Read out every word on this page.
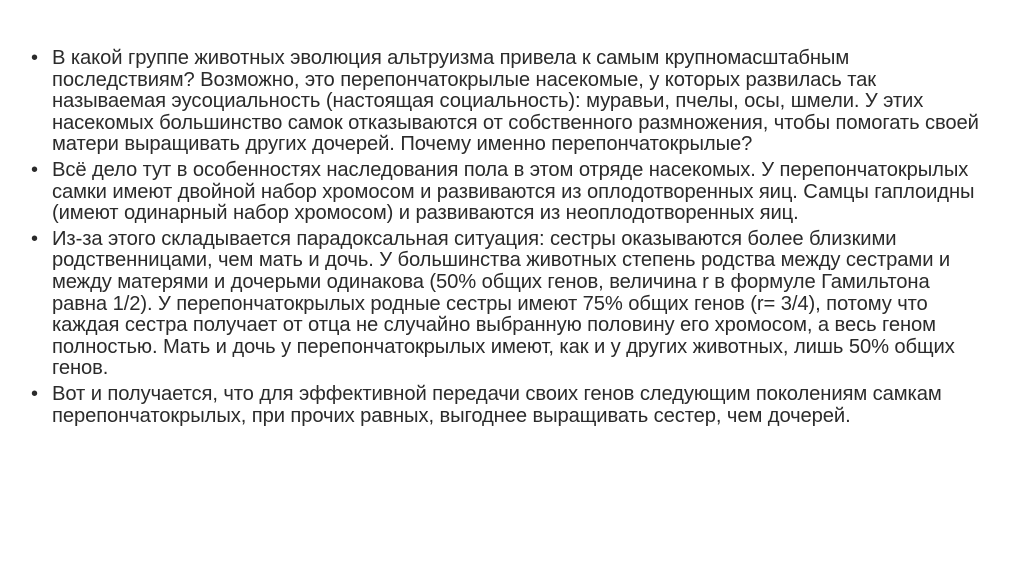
• В какой группе животных эволюция альтруизма привела к самым крупномасштабным последствиям? Возможно, это перепончатокрылые насекомые, у которых развилась так называемая эусоциальность (настоящая социальность): муравьи, пчелы, осы, шмели. У этих насекомых большинство самок отказываются от собственного размножения, чтобы помогать своей матери выращивать других дочерей. Почему именно перепончатокрылые?
• Всё дело тут в особенностях наследования пола в этом отряде насекомых. У перепончатокрылых самки имеют двойной набор хромосом и развиваются из оплодотворенных яиц. Самцы гаплоидны (имеют одинарный набор хромосом) и развиваются из неоплодотворенных яиц.
• Из-за этого складывается парадоксальная ситуация: сестры оказываются более близкими родственницами, чем мать и дочь. У большинства животных степень родства между сестрами и между матерями и дочерьми одинакова (50% общих генов, величина r в формуле Гамильтона равна 1/2). У перепончатокрылых родные сестры имеют 75% общих генов (r= 3/4), потому что каждая сестра получает от отца не случайно выбранную половину его хромосом, а весь геном полностью. Мать и дочь у перепончатокрылых имеют, как и у других животных, лишь 50% общих генов.
• Вот и получается, что для эффективной передачи своих генов следующим поколениям самкам перепончатокрылых, при прочих равных, выгоднее выращивать сестер, чем дочерей.
